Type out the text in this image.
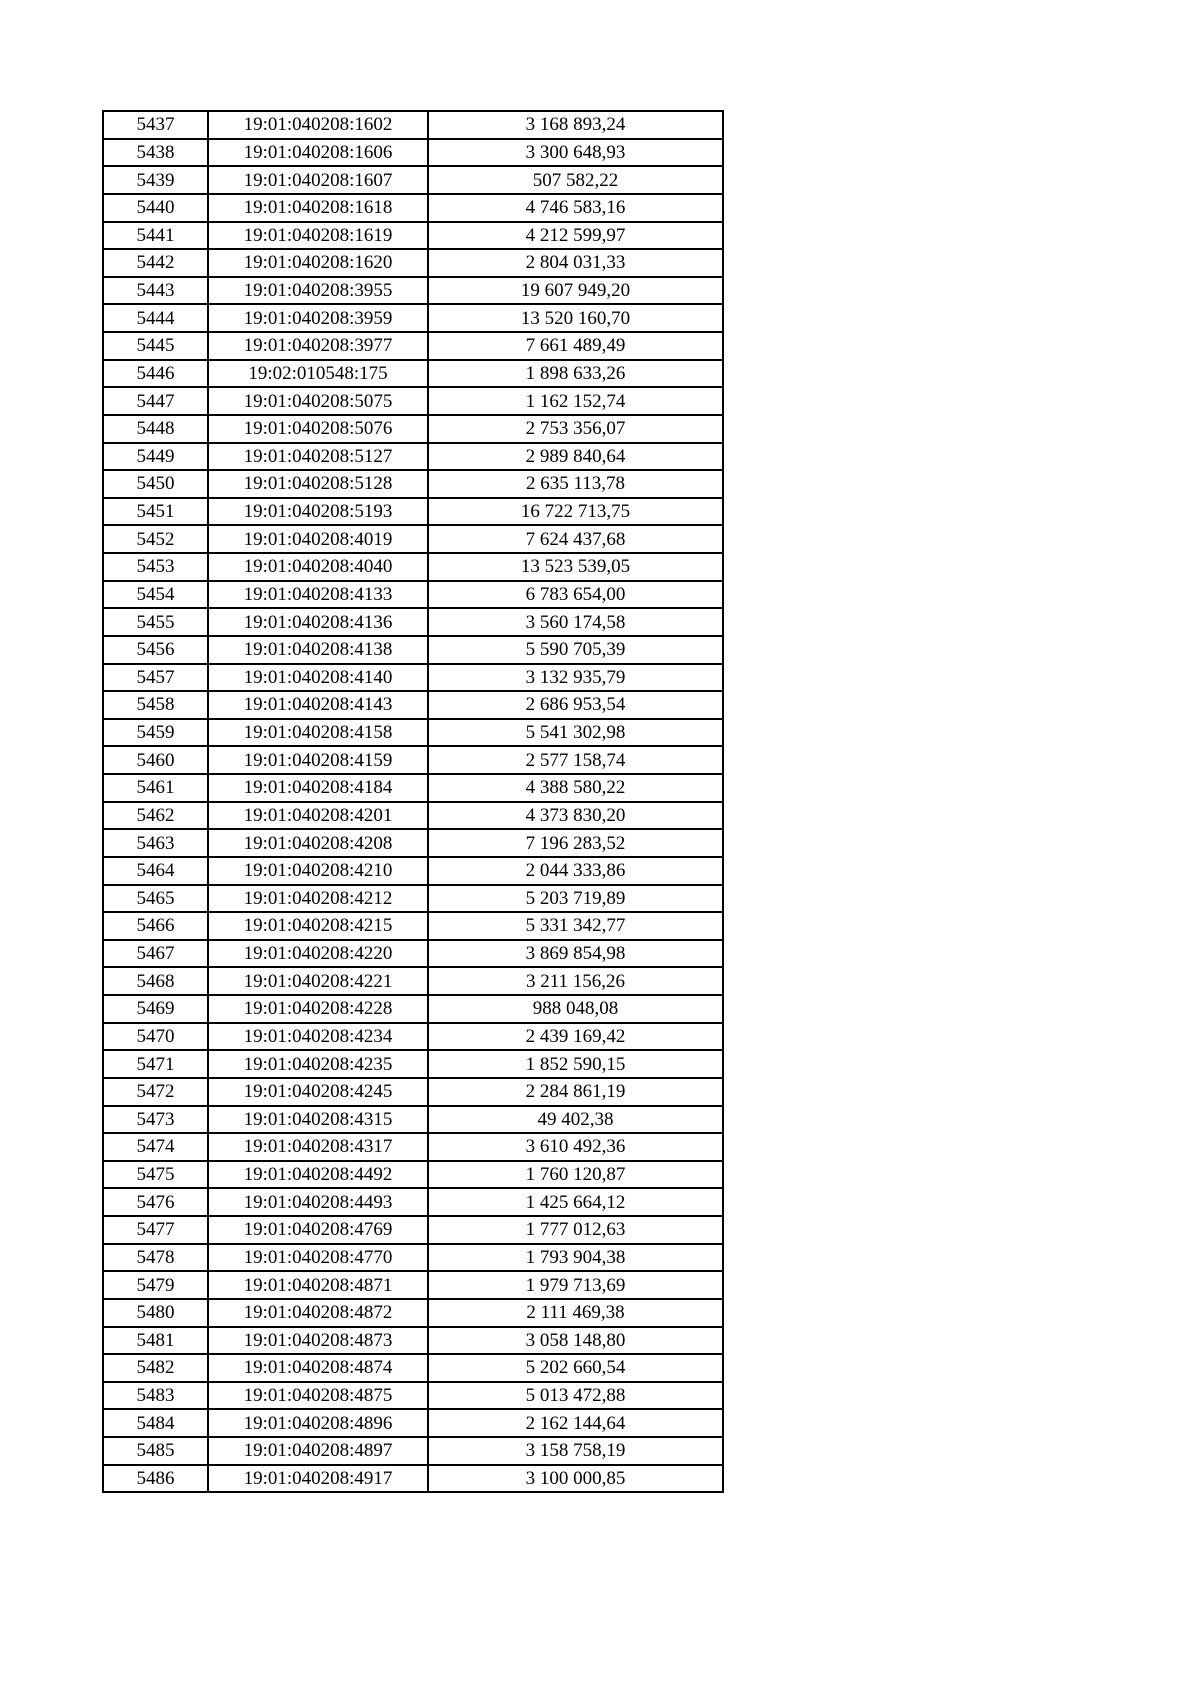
5437	19:01:040208:1602	3 168 893,24
5438	19:01:040208:1606	3 300 648,93
5439	19:01:040208:1607	507 582,22
5440	19:01:040208:1618	4 746 583,16
5441	19:01:040208:1619	4 212 599,97
5442	19:01:040208:1620	2 804 031,33
5443	19:01:040208:3955	19 607 949,20
5444	19:01:040208:3959	13 520 160,70
5445	19:01:040208:3977	7 661 489,49
5446	19:02:010548:175	1 898 633,26
5447	19:01:040208:5075	1 162 152,74
5448	19:01:040208:5076	2 753 356,07
5449	19:01:040208:5127	2 989 840,64
5450	19:01:040208:5128	2 635 113,78
5451	19:01:040208:5193	16 722 713,75
5452	19:01:040208:4019	7 624 437,68
5453	19:01:040208:4040	13 523 539,05
5454	19:01:040208:4133	6 783 654,00
5455	19:01:040208:4136	3 560 174,58
5456	19:01:040208:4138	5 590 705,39
5457	19:01:040208:4140	3 132 935,79
5458	19:01:040208:4143	2 686 953,54
5459	19:01:040208:4158	5 541 302,98
5460	19:01:040208:4159	2 577 158,74
5461	19:01:040208:4184	4 388 580,22
5462	19:01:040208:4201	4 373 830,20
5463	19:01:040208:4208	7 196 283,52
5464	19:01:040208:4210	2 044 333,86
5465	19:01:040208:4212	5 203 719,89
5466	19:01:040208:4215	5 331 342,77
5467	19:01:040208:4220	3 869 854,98
5468	19:01:040208:4221	3 211 156,26
5469	19:01:040208:4228	988 048,08
5470	19:01:040208:4234	2 439 169,42
5471	19:01:040208:4235	1 852 590,15
5472	19:01:040208:4245	2 284 861,19
5473	19:01:040208:4315	49 402,38
5474	19:01:040208:4317	3 610 492,36
5475	19:01:040208:4492	1 760 120,87
5476	19:01:040208:4493	1 425 664,12
5477	19:01:040208:4769	1 777 012,63
5478	19:01:040208:4770	1 793 904,38
5479	19:01:040208:4871	1 979 713,69
5480	19:01:040208:4872	2 111 469,38
5481	19:01:040208:4873	3 058 148,80
5482	19:01:040208:4874	5 202 660,54
5483	19:01:040208:4875	5 013 472,88
5484	19:01:040208:4896	2 162 144,64
5485	19:01:040208:4897	3 158 758,19
5486	19:01:040208:4917	3 100 000,85
